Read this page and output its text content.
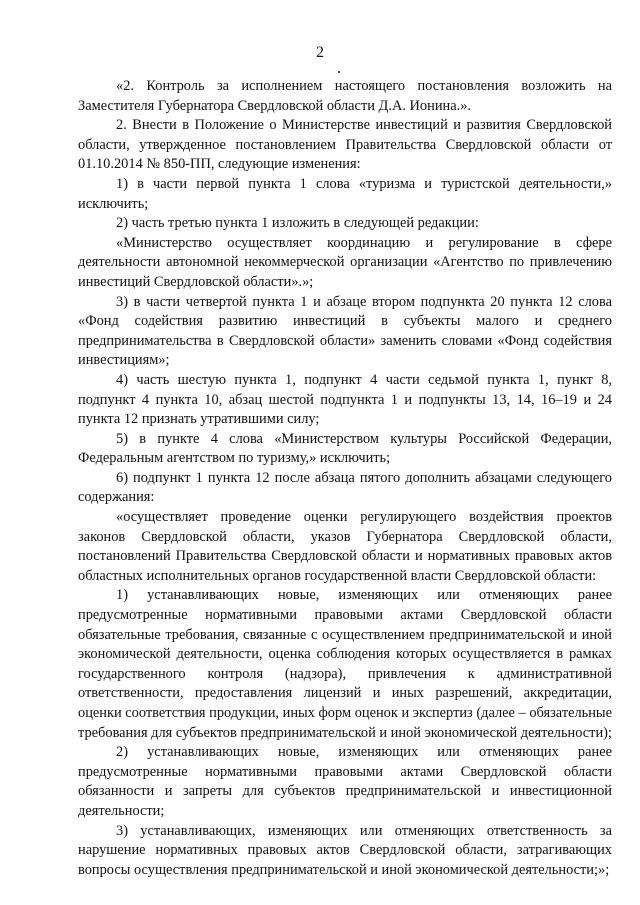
2

«2. Контроль за исполнением настоящего постановления возложить на Заместителя Губернатора Свердловской области Д.А. Ионина.».

2. Внести в Положение о Министерстве инвестиций и развития Свердловской области, утвержденное постановлением Правительства Свердловской области от 01.10.2014 № 850-ПП, следующие изменения:

1) в части первой пункта 1 слова «туризма и туристской деятельности,» исключить;

2) часть третью пункта 1 изложить в следующей редакции:

«Министерство осуществляет координацию и регулирование в сфере деятельности автономной некоммерческой организации «Агентство по привлечению инвестиций Свердловской области».»;

3) в части четвертой пункта 1 и абзаце втором подпункта 20 пункта 12 слова «Фонд содействия развитию инвестиций в субъекты малого и среднего предпринимательства в Свердловской области» заменить словами «Фонд содействия инвестициям»;

4) часть шестую пункта 1, подпункт 4 части седьмой пункта 1, пункт 8, подпункт 4 пункта 10, абзац шестой подпункта 1 и подпункты 13, 14, 16–19 и 24 пункта 12 признать утратившими силу;

5) в пункте 4 слова «Министерством культуры Российской Федерации, Федеральным агентством по туризму,» исключить;

6) подпункт 1 пункта 12 после абзаца пятого дополнить абзацами следующего содержания:

«осуществляет проведение оценки регулирующего воздействия проектов законов Свердловской области, указов Губернатора Свердловской области, постановлений Правительства Свердловской области и нормативных правовых актов областных исполнительных органов государственной власти Свердловской области:

1) устанавливающих новые, изменяющих или отменяющих ранее предусмотренные нормативными правовыми актами Свердловской области обязательные требования, связанные с осуществлением предпринимательской и иной экономической деятельности, оценка соблюдения которых осуществляется в рамках государственного контроля (надзора), привлечения к административной ответственности, предоставления лицензий и иных разрешений, аккредитации, оценки соответствия продукции, иных форм оценок и экспертиз (далее – обязательные требования для субъектов предпринимательской и иной экономической деятельности);

2) устанавливающих новые, изменяющих или отменяющих ранее предусмотренные нормативными правовыми актами Свердловской области обязанности и запреты для субъектов предпринимательской и инвестиционной деятельности;

3) устанавливающих, изменяющих или отменяющих ответственность за нарушение нормативных правовых актов Свердловской области, затрагивающих вопросы осуществления предпринимательской и иной экономической деятельности;»;
